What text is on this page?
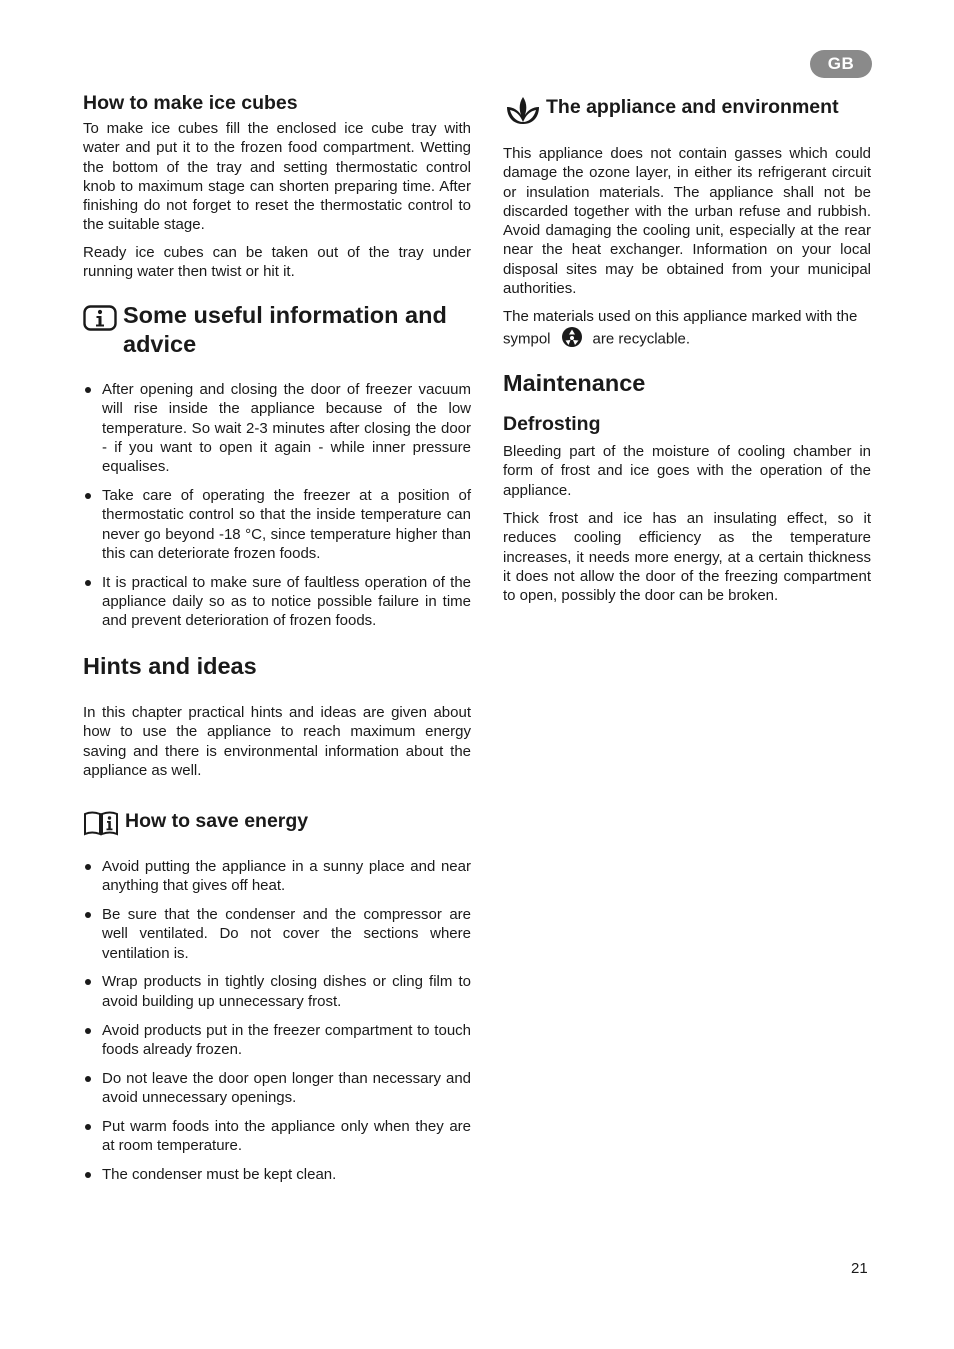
GB
How to make ice cubes

To make ice cubes fill the enclosed ice cube tray with water and put it to the frozen food compartment. Wetting the bottom of the tray and setting thermostatic control knob to maximum stage can shorten preparing time. After finishing do not forget to reset the thermostatic control to the suitable stage.

Ready ice cubes can be taken out of the tray under running water then twist or hit it.

Some useful information and advice
After opening and closing the door of freezer vacuum will rise inside the appliance because of the low temperature. So wait 2-3 minutes after closing the door - if you want to open it again - while inner pressure equalises.
Take care of operating the freezer at a position of thermostatic control so that the inside temperature can never go beyond -18 °C, since temperature higher than this can deteriorate frozen foods.
It is practical to make sure of faultless operation of the appliance daily so as to notice possible failure in time and prevent deterioration of frozen foods.
Hints and ideas

In this chapter practical hints and ideas are given about how to use the appliance to reach maximum energy saving and there is environmental information about the appliance as well.

How to save energy
Avoid putting the appliance in a sunny place and near anything that gives off heat.
Be sure that the condenser and the compressor are well ventilated. Do not cover the sections where ventilation is.
Wrap products in tightly closing dishes or cling film to avoid building up unnecessary frost.
Avoid products put in the freezer compartment to touch foods already frozen.
Do not leave the door open longer than necessary and avoid unnecessary openings.
Put warm foods into the appliance only when they are at room temperature.
The condenser must be kept clean.
The appliance and environment

This appliance does not contain gasses which could damage the ozone layer, in either its refrigerant circuit or insulation materials. The appliance shall not be discarded together with the urban refuse and rubbish. Avoid damaging the cooling unit, especially at the rear near the heat exchanger. Information on your local disposal sites may be obtained from your municipal authorities.

The materials used on this appliance marked with the sympol	are recyclable.

Maintenance
Defrosting

Bleeding part of the moisture of cooling chamber in form of frost and ice goes with the operation of the appliance.

Thick frost and ice has an insulating effect, so it reduces cooling efficiency as the temperature increases, it needs more energy, at a certain thickness it does not allow the door of the freezing compartment to open, possibly the door can be broken.

21
